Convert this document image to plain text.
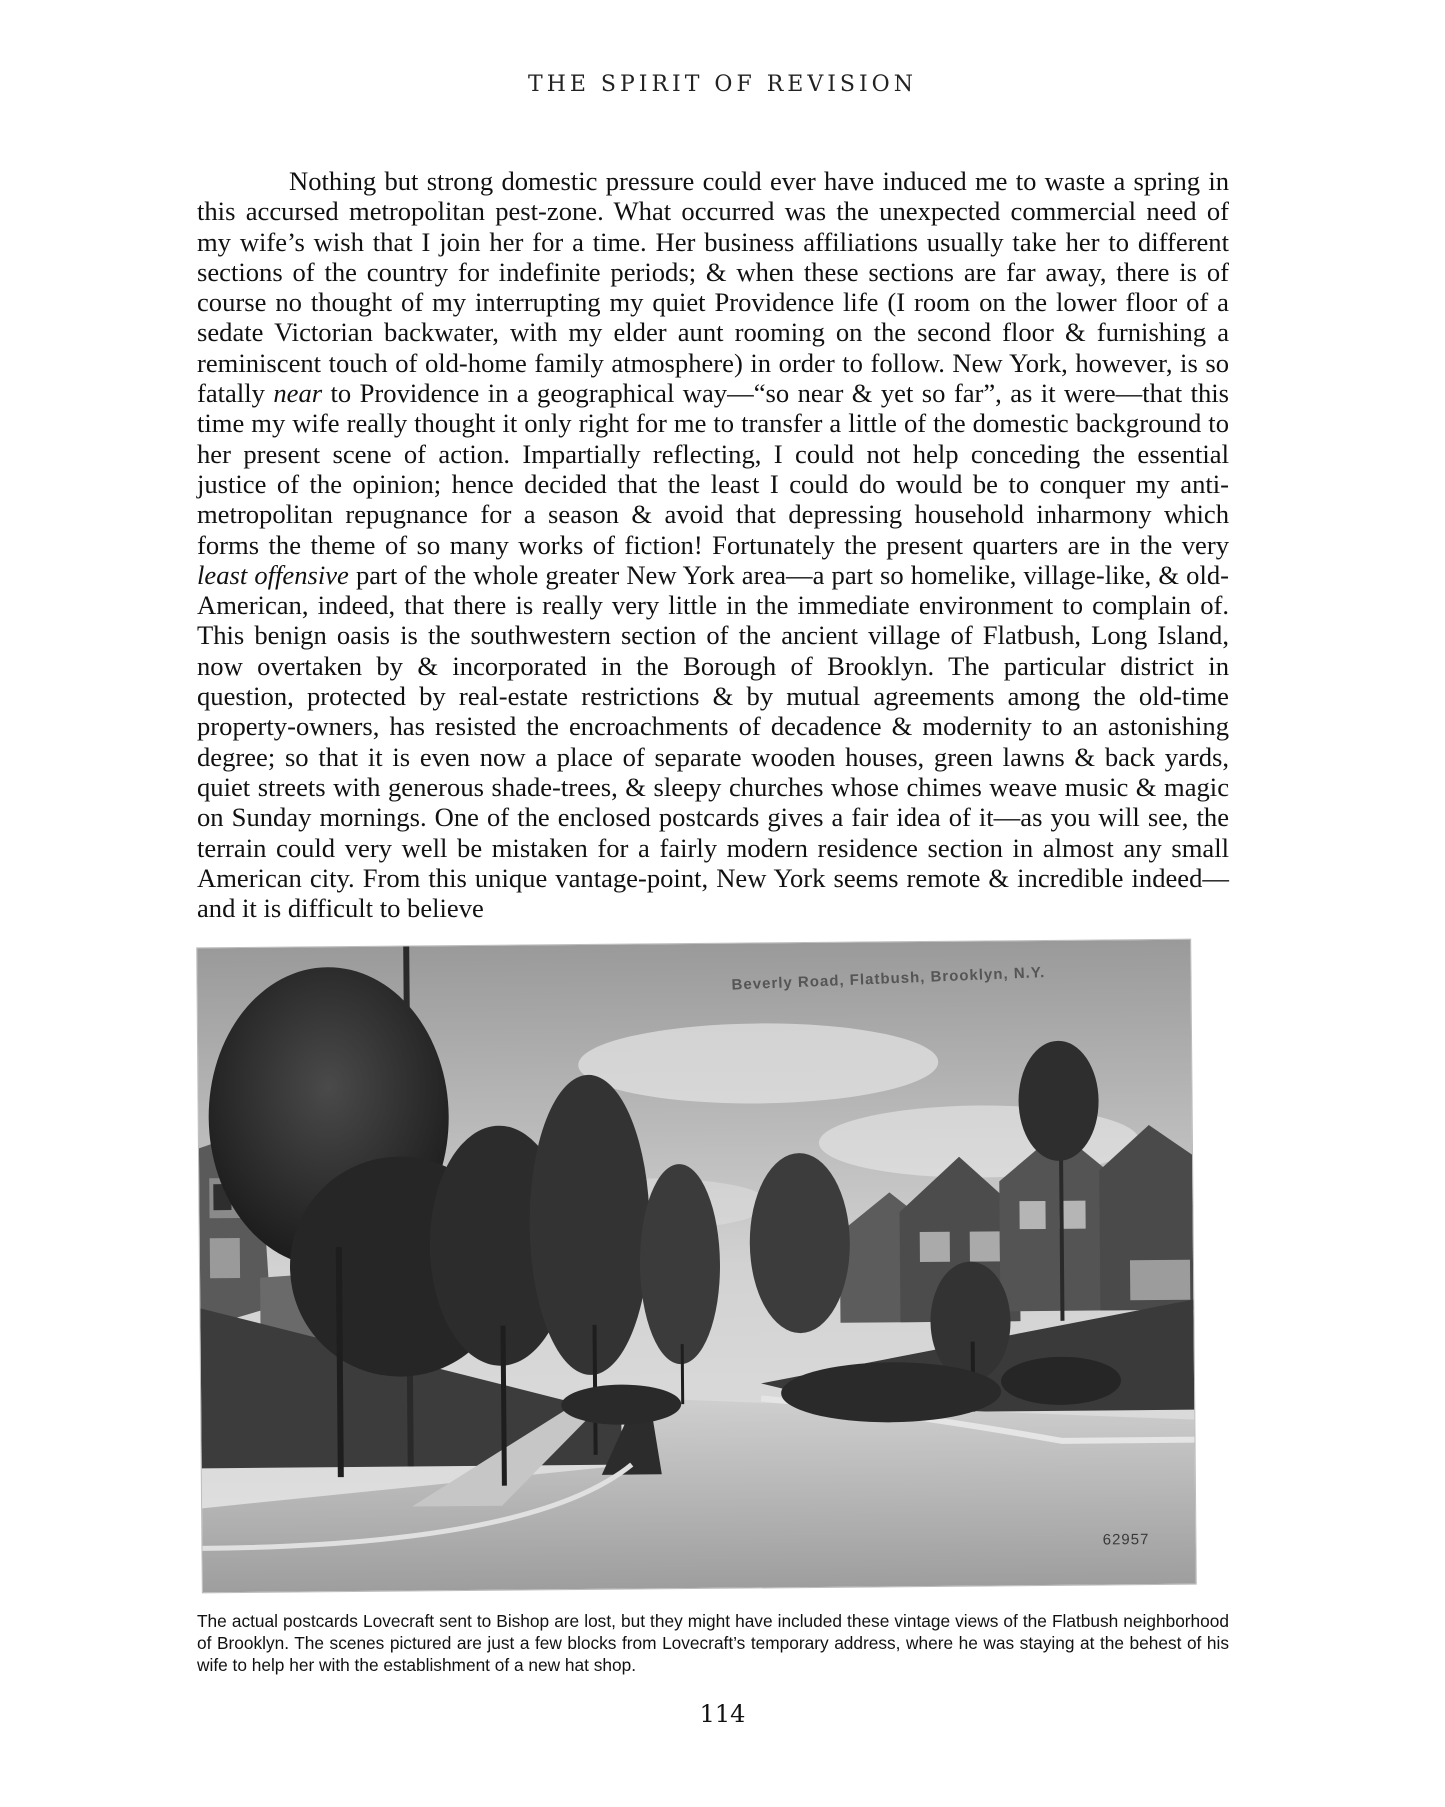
THE SPIRIT OF REVISION

Nothing but strong domestic pressure could ever have induced me to waste a spring in this accursed metropolitan pest-zone. What occurred was the unexpected commercial need of my wife’s wish that I join her for a time. Her business affiliations usually take her to different sections of the country for indefinite periods; & when these sections are far away, there is of course no thought of my interrupting my quiet Providence life (I room on the lower floor of a sedate Victorian backwater, with my elder aunt rooming on the second floor & furnishing a reminiscent touch of old-home family atmosphere) in order to follow. New York, however, is so fatally near to Providence in a geographical way—“so near & yet so far”, as it were—that this time my wife really thought it only right for me to transfer a little of the domestic background to her present scene of action. Impartially reflecting, I could not help conceding the essential justice of the opinion; hence decided that the least I could do would be to conquer my anti-metropolitan repugnance for a season & avoid that depressing household inharmony which forms the theme of so many works of fiction! Fortunately the present quarters are in the very least offensive part of the whole greater New York area—a part so homelike, village-like, & old-American, indeed, that there is really very little in the immediate environment to complain of. This benign oasis is the southwestern section of the ancient village of Flatbush, Long Island, now overtaken by & incorporated in the Borough of Brooklyn. The particular district in question, protected by real-estate restrictions & by mutual agreements among the old-time property-owners, has resisted the encroachments of decadence & modernity to an astonishing degree; so that it is even now a place of separate wooden houses, green lawns & back yards, quiet streets with generous shade-trees, & sleepy churches whose chimes weave music & magic on Sunday mornings. One of the enclosed postcards gives a fair idea of it—as you will see, the terrain could very well be mistaken for a fairly modern residence section in almost any small American city. From this unique vantage-point, New York seems remote & incredible indeed—and it is difficult to believe

Beverly Road, Flatbush, Brooklyn, N.Y.
62957

The actual postcards Lovecraft sent to Bishop are lost, but they might have included these vintage views of the Flatbush neighborhood of Brooklyn. The scenes pictured are just a few blocks from Lovecraft’s temporary address, where he was staying at the behest of his wife to help her with the establishment of a new hat shop.

114
